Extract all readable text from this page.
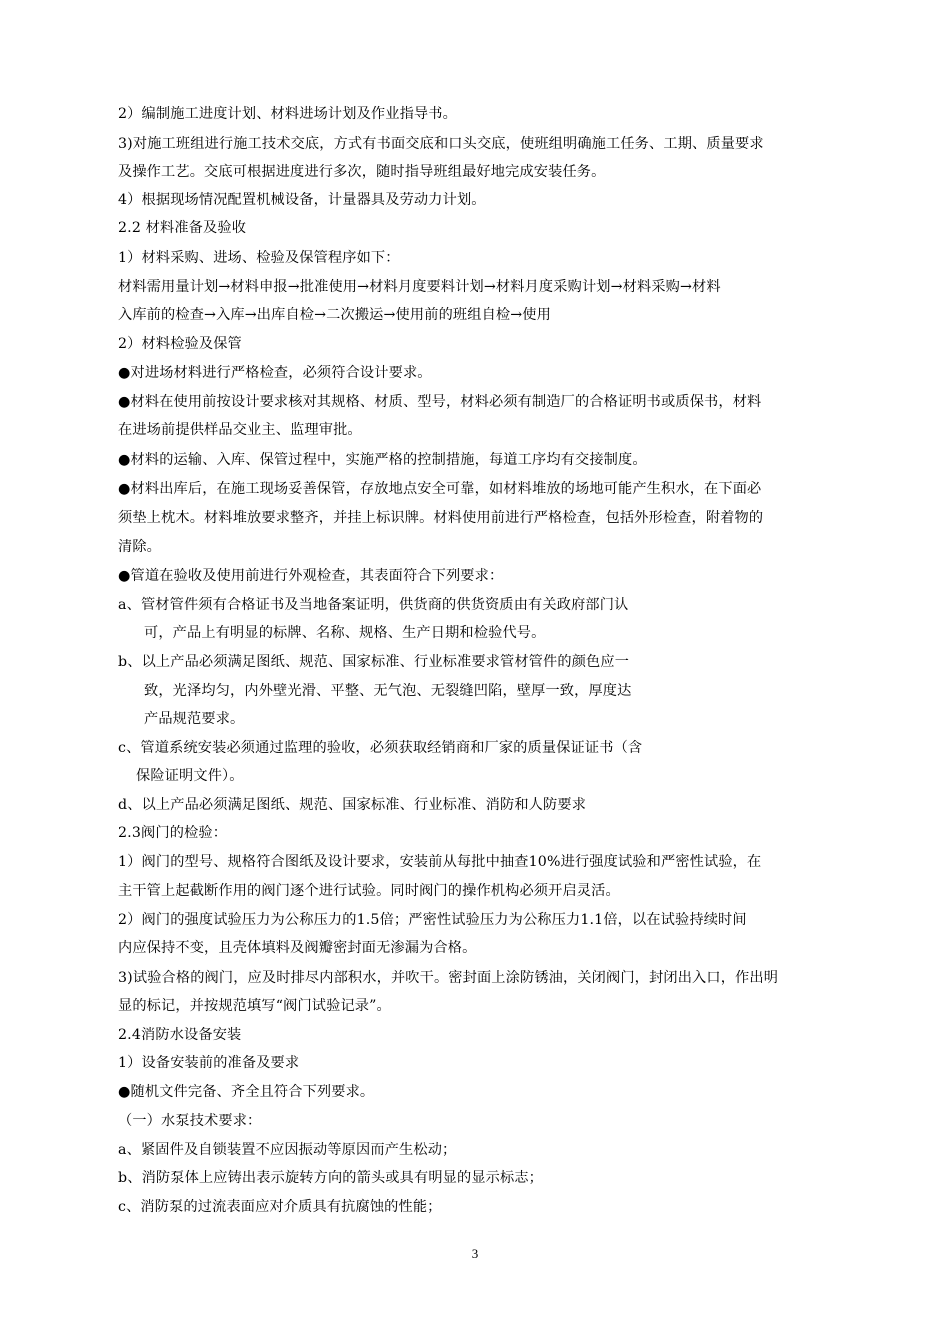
2）编制施工进度计划、材料进场计划及作业指导书。
3)对施工班组进行施工技术交底，方式有书面交底和口头交底，使班组明确施工任务、工期、质量要求
及操作工艺。交底可根据进度进行多次，随时指导班组最好地完成安装任务。
4）根据现场情况配置机械设备，计量器具及劳动力计划。
2.2 材料准备及验收
1）材料采购、进场、检验及保管程序如下：
材料需用量计划→材料申报→批准使用→材料月度要料计划→材料月度采购计划→材料采购→材料
入库前的检查→入库→出库自检→二次搬运→使用前的班组自检→使用
2）材料检验及保管
●对进场材料进行严格检查，必须符合设计要求。
●材料在使用前按设计要求核对其规格、材质、型号，材料必须有制造厂的合格证明书或质保书，材料
在进场前提供样品交业主、监理审批。
●材料的运输、入库、保管过程中，实施严格的控制措施，每道工序均有交接制度。
●材料出库后，在施工现场妥善保管，存放地点安全可靠，如材料堆放的场地可能产生积水，在下面必
须垫上枕木。材料堆放要求整齐，并挂上标识牌。材料使用前进行严格检查，包括外形检查，附着物的
清除。
●管道在验收及使用前进行外观检查，其表面符合下列要求：
a、管材管件须有合格证书及当地备案证明，供货商的供货资质由有关政府部门认
可，产品上有明显的标牌、名称、规格、生产日期和检验代号。
b、以上产品必须满足图纸、规范、国家标准、行业标准要求管材管件的颜色应一
致，光泽均匀，内外壁光滑、平整、无气泡、无裂缝凹陷，壁厚一致，厚度达
产品规范要求。
c、管道系统安装必须通过监理的验收，必须获取经销商和厂家的质量保证证书（含
保险证明文件）。
d、以上产品必须满足图纸、规范、国家标准、行业标准、消防和人防要求
2.3阀门的检验：
1）阀门的型号、规格符合图纸及设计要求，安装前从每批中抽查10%进行强度试验和严密性试验，在
主干管上起截断作用的阀门逐个进行试验。同时阀门的操作机构必须开启灵活。
2）阀门的强度试验压力为公称压力的1.5倍；严密性试验压力为公称压力1.1倍，以在试验持续时间
内应保持不变，且壳体填料及阀瓣密封面无渗漏为合格。
3)试验合格的阀门，应及时排尽内部积水，并吹干。密封面上涂防锈油，关闭阀门，封闭出入口，作出明
显的标记，并按规范填写“阀门试验记录”。
2.4消防水设备安装
1）设备安装前的准备及要求
●随机文件完备、齐全且符合下列要求。
（一）水泵技术要求：
a、紧固件及自锁装置不应因振动等原因而产生松动；
b、消防泵体上应铸出表示旋转方向的箭头或具有明显的显示标志；
c、消防泵的过流表面应对介质具有抗腐蚀的性能；
3
